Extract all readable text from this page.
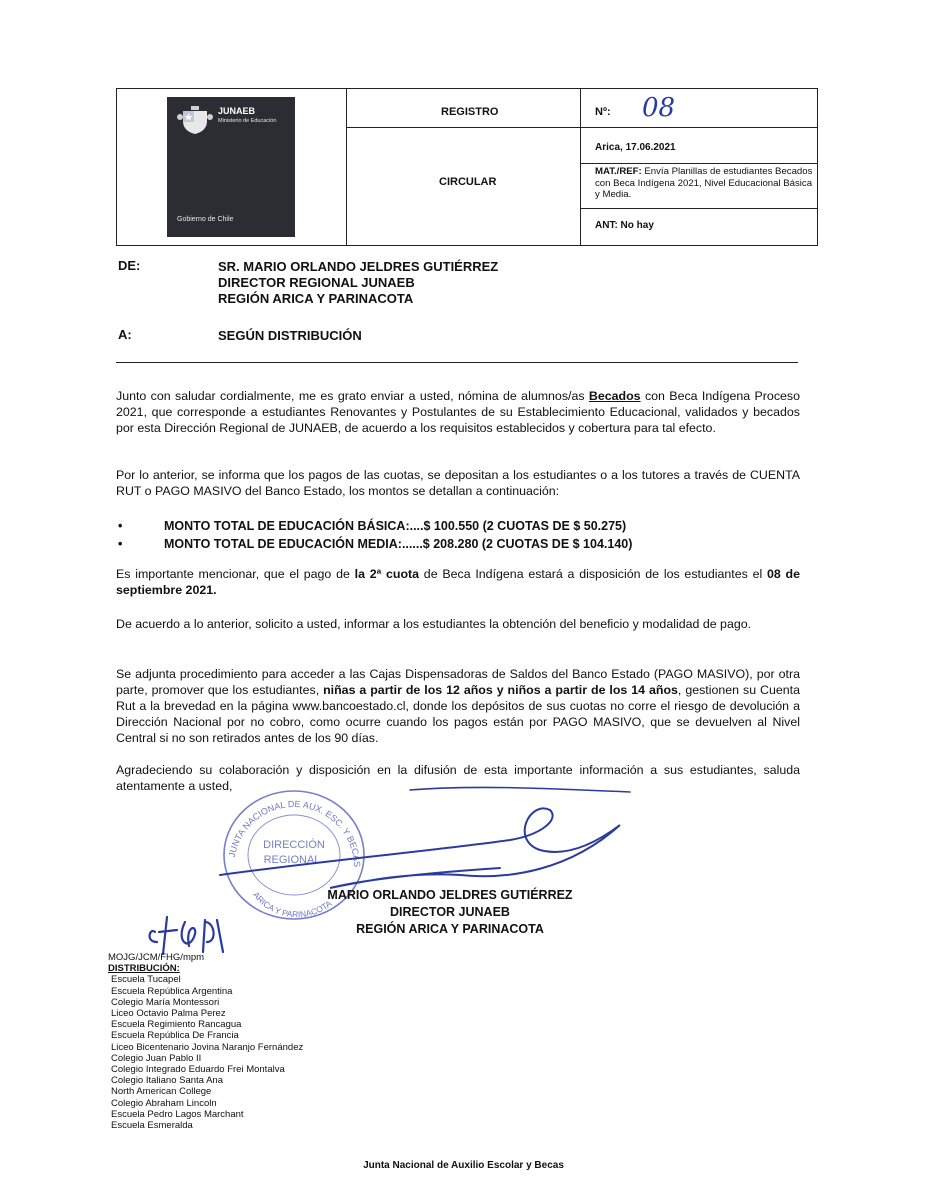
JUNAEB
Ministerio de Educación
Gobierno de Chile
REGISTRO
CIRCULAR
Nº: 08
Arica, 17.06.2021
MAT./REF: Envía Planillas de estudiantes Becados con Beca Indígena 2021, Nivel Educacional Básica y Media.
ANT: No hay
DE:	SR. MARIO ORLANDO JELDRES GUTIÉRREZ
DIRECTOR REGIONAL JUNAEB
REGIÓN ARICA Y PARINACOTA
A:	SEGÚN DISTRIBUCIÓN
Junto con saludar cordialmente, me es grato enviar a usted, nómina de alumnos/as Becados con Beca Indígena Proceso 2021, que corresponde a estudiantes Renovantes y Postulantes de su Establecimiento Educacional, validados y becados por esta Dirección Regional de JUNAEB, de acuerdo a los requisitos establecidos y cobertura para tal efecto.
Por lo anterior, se informa que los pagos de las cuotas, se depositan a los estudiantes o a los tutores a través de CUENTA RUT o PAGO MASIVO del Banco Estado, los montos se detallan a continuación:
•	MONTO TOTAL DE EDUCACIÓN BÁSICA:....$ 100.550 (2 CUOTAS DE $ 50.275)
•	MONTO TOTAL DE EDUCACIÓN MEDIA:......$ 208.280 (2 CUOTAS DE $ 104.140)
Es importante mencionar, que el pago de la 2ª cuota de Beca Indígena estará a disposición de los estudiantes el 08 de septiembre 2021.
De acuerdo a lo anterior, solicito a usted, informar a los estudiantes la obtención del beneficio y modalidad de pago.
Se adjunta procedimiento para acceder a las Cajas Dispensadoras de Saldos del Banco Estado (PAGO MASIVO), por otra parte, promover que los estudiantes, niñas a partir de los 12 años y niños a partir de los 14 años, gestionen su Cuenta Rut a la brevedad en la página www.bancoestado.cl, donde los depósitos de sus cuotas no corre el riesgo de devolución a Dirección Nacional por no cobro, como ocurre cuando los pagos están por PAGO MASIVO, que se devuelven al Nivel Central si no son retirados antes de los 90 días.
Agradeciendo su colaboración y disposición en la difusión de esta importante información a sus estudiantes, saluda atentamente a usted,
JUNTA NACIONAL DE AUX. ESC. Y BECAS
ARICA Y PARINACOTA
DIRECCIÓN
REGIONAL
MARIO ORLANDO JELDRES GUTIÉRREZ
DIRECTOR JUNAEB
REGIÓN ARICA Y PARINACOTA
MOJG/JCM/FHG/mpm
DISTRIBUCIÓN:
Escuela Tucapel
Escuela República Argentina
Colegio María Montessori
Liceo Octavio Palma Perez
Escuela Regimiento Rancagua
Escuela República De Francia
Liceo Bicentenario Jovina Naranjo Fernández
Colegio Juan Pablo II
Colegio Integrado Eduardo Frei Montalva
Colegio Italiano Santa Ana
North American College
Colegio Abraham Lincoln
Escuela Pedro Lagos Marchant
Escuela Esmeralda
Junta Nacional de Auxilio Escolar y Becas
